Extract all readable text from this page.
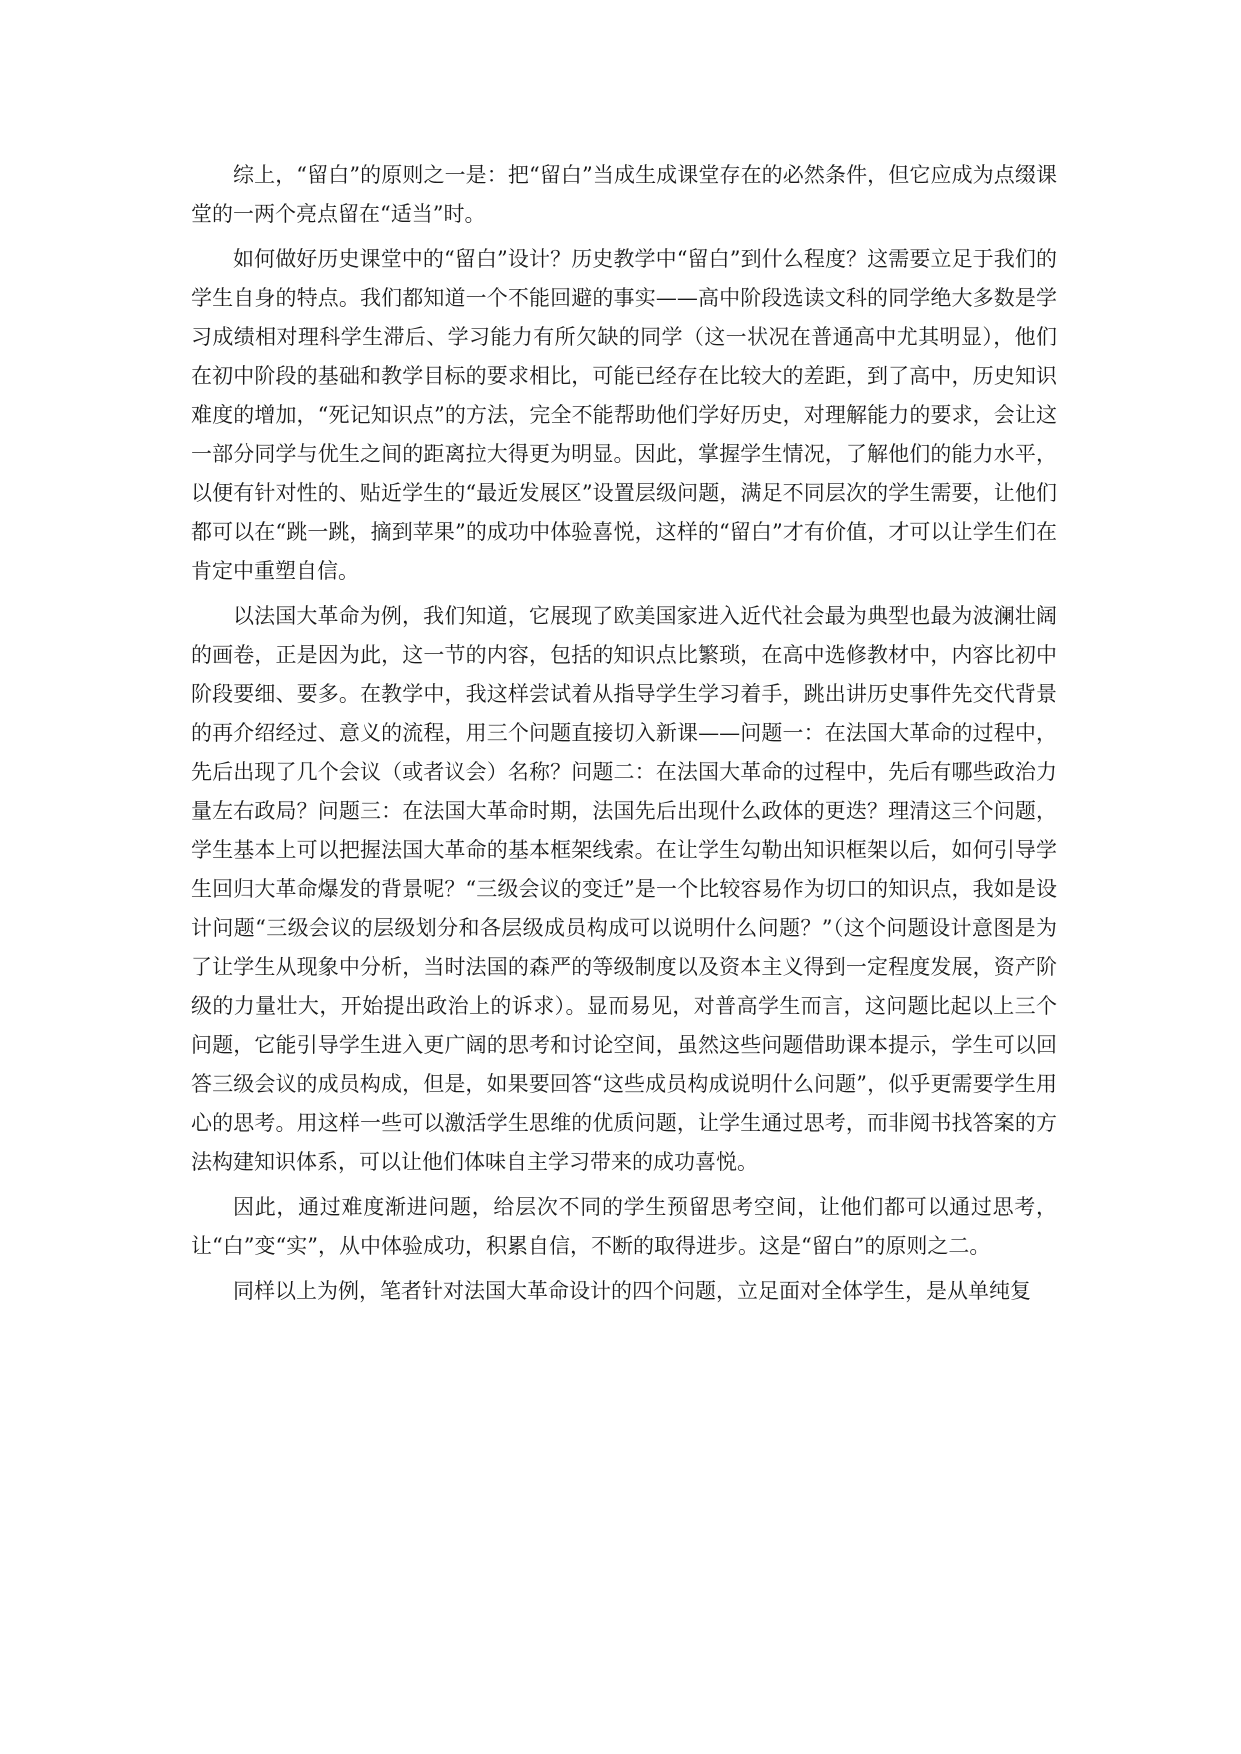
综上，“留白”的原则之一是：把“留白”当成生成课堂存在的必然条件，但它应成为点缀课堂的一两个亮点留在“适当”时。

如何做好历史课堂中的“留白”设计？历史教学中“留白”到什么程度？这需要立足于我们的学生自身的特点。我们都知道一个不能回避的事实——高中阶段选读文科的同学绝大多数是学习成绩相对理科学生滞后、学习能力有所欠缺的同学（这一状况在普通高中尤其明显），他们在初中阶段的基础和教学目标的要求相比，可能已经存在比较大的差距，到了高中，历史知识难度的增加，“死记知识点”的方法，完全不能帮助他们学好历史，对理解能力的要求，会让这一部分同学与优生之间的距离拉大得更为明显。因此，掌握学生情况，了解他们的能力水平，以便有针对性的、贴近学生的“最近发展区”设置层级问题，满足不同层次的学生需要，让他们都可以在“跳一跳，摘到苹果”的成功中体验喜悦，这样的“留白”才有价值，才可以让学生们在肯定中重塑自信。

以法国大革命为例，我们知道，它展现了欧美国家进入近代社会最为典型也最为波澜壮阔的画卷，正是因为此，这一节的内容，包括的知识点比繁琐，在高中选修教材中，内容比初中阶段要细、要多。在教学中，我这样尝试着从指导学生学习着手，跳出讲历史事件先交代背景的再介绍经过、意义的流程，用三个问题直接切入新课——问题一：在法国大革命的过程中，先后出现了几个会议（或者议会）名称？问题二：在法国大革命的过程中，先后有哪些政治力量左右政局？问题三：在法国大革命时期，法国先后出现什么政体的更迭？理清这三个问题，学生基本上可以把握法国大革命的基本框架线索。在让学生勾勒出知识框架以后，如何引导学生回归大革命爆发的背景呢？“三级会议的变迁”是一个比较容易作为切口的知识点，我如是设计问题“三级会议的层级划分和各层级成员构成可以说明什么问题？”（这个问题设计意图是为了让学生从现象中分析，当时法国的森严的等级制度以及资本主义得到一定程度发展，资产阶级的力量壮大，开始提出政治上的诉求）。显而易见，对普高学生而言，这问题比起以上三个问题，它能引导学生进入更广阔的思考和讨论空间，虽然这些问题借助课本提示，学生可以回答三级会议的成员构成，但是，如果要回答“这些成员构成说明什么问题”，似乎更需要学生用心的思考。用这样一些可以激活学生思维的优质问题，让学生通过思考，而非阅书找答案的方法构建知识体系，可以让他们体味自主学习带来的成功喜悦。

因此，通过难度渐进问题，给层次不同的学生预留思考空间，让他们都可以通过思考，让“白”变“实”，从中体验成功，积累自信，不断的取得进步。这是“留白”的原则之二。

同样以上为例，笔者针对法国大革命设计的四个问题，立足面对全体学生，是从单纯复
